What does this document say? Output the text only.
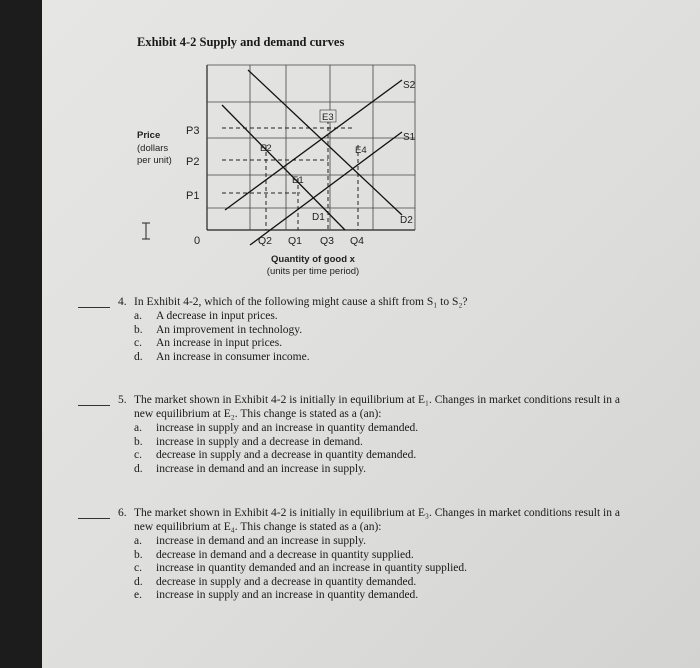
Exhibit 4-2 Supply and demand curves
S2
S1
D2
D1
E3
E2	E4
E1
P3
P2
P1
Q2 Q1 Q3 Q4
0
Price
(dollars
per unit)
Quantity of good x
(units per time period)
4. In Exhibit 4-2, which of the following might cause a shift from S₁ to S₂?
a.	A decrease in input prices.
b.	An improvement in technology.
c.	An increase in input prices.
d.	An increase in consumer income.
5. The market shown in Exhibit 4-2 is initially in equilibrium at E₁. Changes in market conditions result in a
new equilibrium at E₂. This change is stated as a (an):
a.	increase in supply and an increase in quantity demanded.
b.	increase in supply and a decrease in demand.
c.	decrease in supply and a decrease in quantity demanded.
d.	increase in demand and an increase in supply.
6. The market shown in Exhibit 4-2 is initially in equilibrium at E₃. Changes in market conditions result in a
new equilibrium at E₄. This change is stated as a (an):
a.	increase in demand and an increase in supply.
b.	decrease in demand and a decrease in quantity supplied.
c.	increase in quantity demanded and an increase in quantity supplied.
d.	decrease in supply and a decrease in quantity demanded.
e.	increase in supply and an increase in quantity demanded.
